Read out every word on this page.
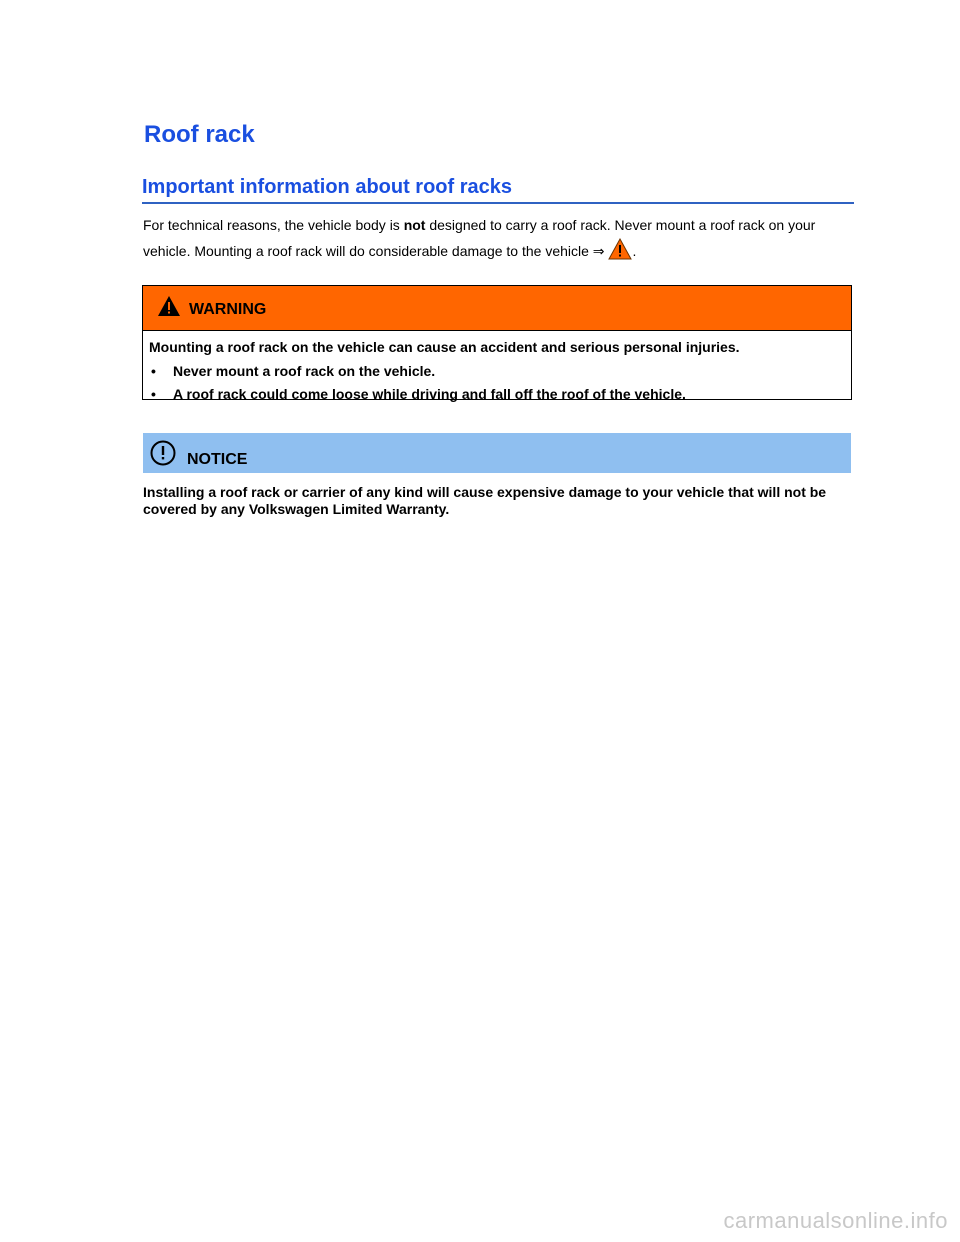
Roof rack
Important information about roof racks

For technical reasons, the vehicle body is not designed to carry a roof rack. Never mount a roof rack on your vehicle. Mounting a roof rack will do considerable damage to the vehicle ⇒ .

WARNING

Mounting a roof rack on the vehicle can cause an accident and serious personal injuries.

• Never mount a roof rack on the vehicle.
• A roof rack could come loose while driving and fall off the roof of the vehicle.
NOTICE

Installing a roof rack or carrier of any kind will cause expensive damage to your vehicle that will not be covered by any Volkswagen Limited Warranty.

carmanualsonline.info
